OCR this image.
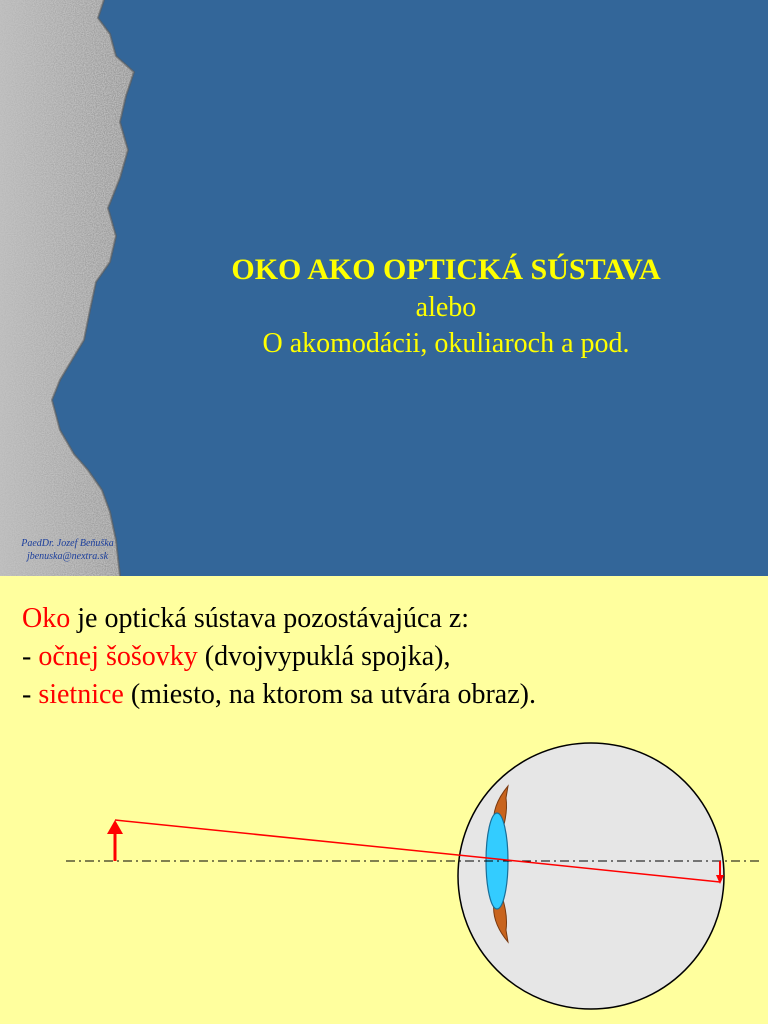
OKO AKO OPTICKÁ SÚSTAVA
alebo
O akomodácii, okuliaroch a pod.
PaedDr. Jozef Beňuška
jbenuska@nextra.sk
Oko je optická sústava pozostávajúca z:
- očnej šošovky (dvojvypuklá spojka),
- sietnice (miesto, na ktorom sa utvára obraz).
